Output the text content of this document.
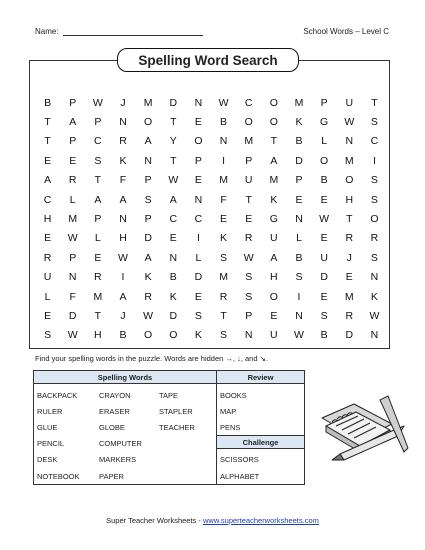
Name:	School Words – Level C
Spelling Word Search
B	P	W	J	M	D	N	W	C	O	M	P	U	T
T	A	P	N	O	T	E	B	O	O	K	G	W	S
T	P	C	R	A	Y	O	N	M	T	B	L	N	C
E	E	S	K	N	T	P	I	P	A	D	O	M	I
A	R	T	F	P	W	E	M	U	M	P	B	O	S
C	L	A	A	S	A	N	F	T	K	E	E	H	S
H	M	P	N	P	C	C	E	E	G	N	W	T	O
E	W	L	H	D	E	I	K	R	U	L	E	R	R
R	P	E	W	A	N	L	S	W	A	B	U	J	S
U	N	R	I	K	B	D	M	S	H	S	D	E	N
L	F	M	A	R	K	E	R	S	O	I	E	M	K
E	D	T	J	W	D	S	T	P	E	N	S	R	W
S	W	H	B	O	O	K	S	N	U	W	B	D	N
Find your spelling words in the puzzle. Words are hidden →, ↓, and ↘.
Spelling Words	Review
Challenge
BACKPACK	CRAYON	TAPE
RULER	ERASER	STAPLER
GLUE	GLOBE	TEACHER
PENCIL	COMPUTER
DESK	MARKERS
NOTEBOOK	PAPER
BOOKS
MAP
PENS
SCISSORS
ALPHABET
Super Teacher Worksheets - www.superteacherworksheets.com
